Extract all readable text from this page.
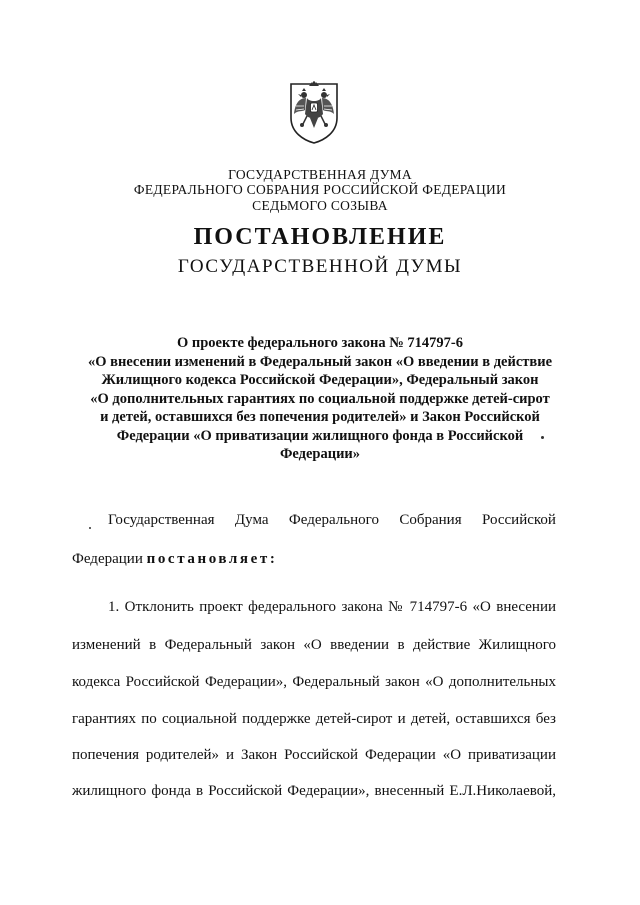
ГОСУДАРСТВЕННАЯ ДУМА
ФЕДЕРАЛЬНОГО СОБРАНИЯ РОССИЙСКОЙ ФЕДЕРАЦИИ
СЕДЬМОГО СОЗЫВА
ПОСТАНОВЛЕНИЕ
ГОСУДАРСТВЕННОЙ ДУМЫ
О проекте федерального закона № 714797-6
«О внесении изменений в Федеральный закон «О введении в действие
Жилищного кодекса Российской Федерации», Федеральный закон
«О дополнительных гарантиях по социальной поддержке детей-сирот
и детей, оставшихся без попечения родителей» и Закон Российской
Федерации «О приватизации жилищного фонда в Российской
Федерации»
Государственная Дума Федерального Собрания Российской
Федерации постановляет:
1. Отклонить проект федерального закона № 714797-6 «О внесении
изменений в Федеральный закон «О введении в действие Жилищного
кодекса Российской Федерации», Федеральный закон «О дополнительных
гарантиях по социальной поддержке детей-сирот и детей, оставшихся без
попечения родителей» и Закон Российской Федерации «О приватизации
жилищного фонда в Российской Федерации», внесенный Е.Л.Николаевой,
